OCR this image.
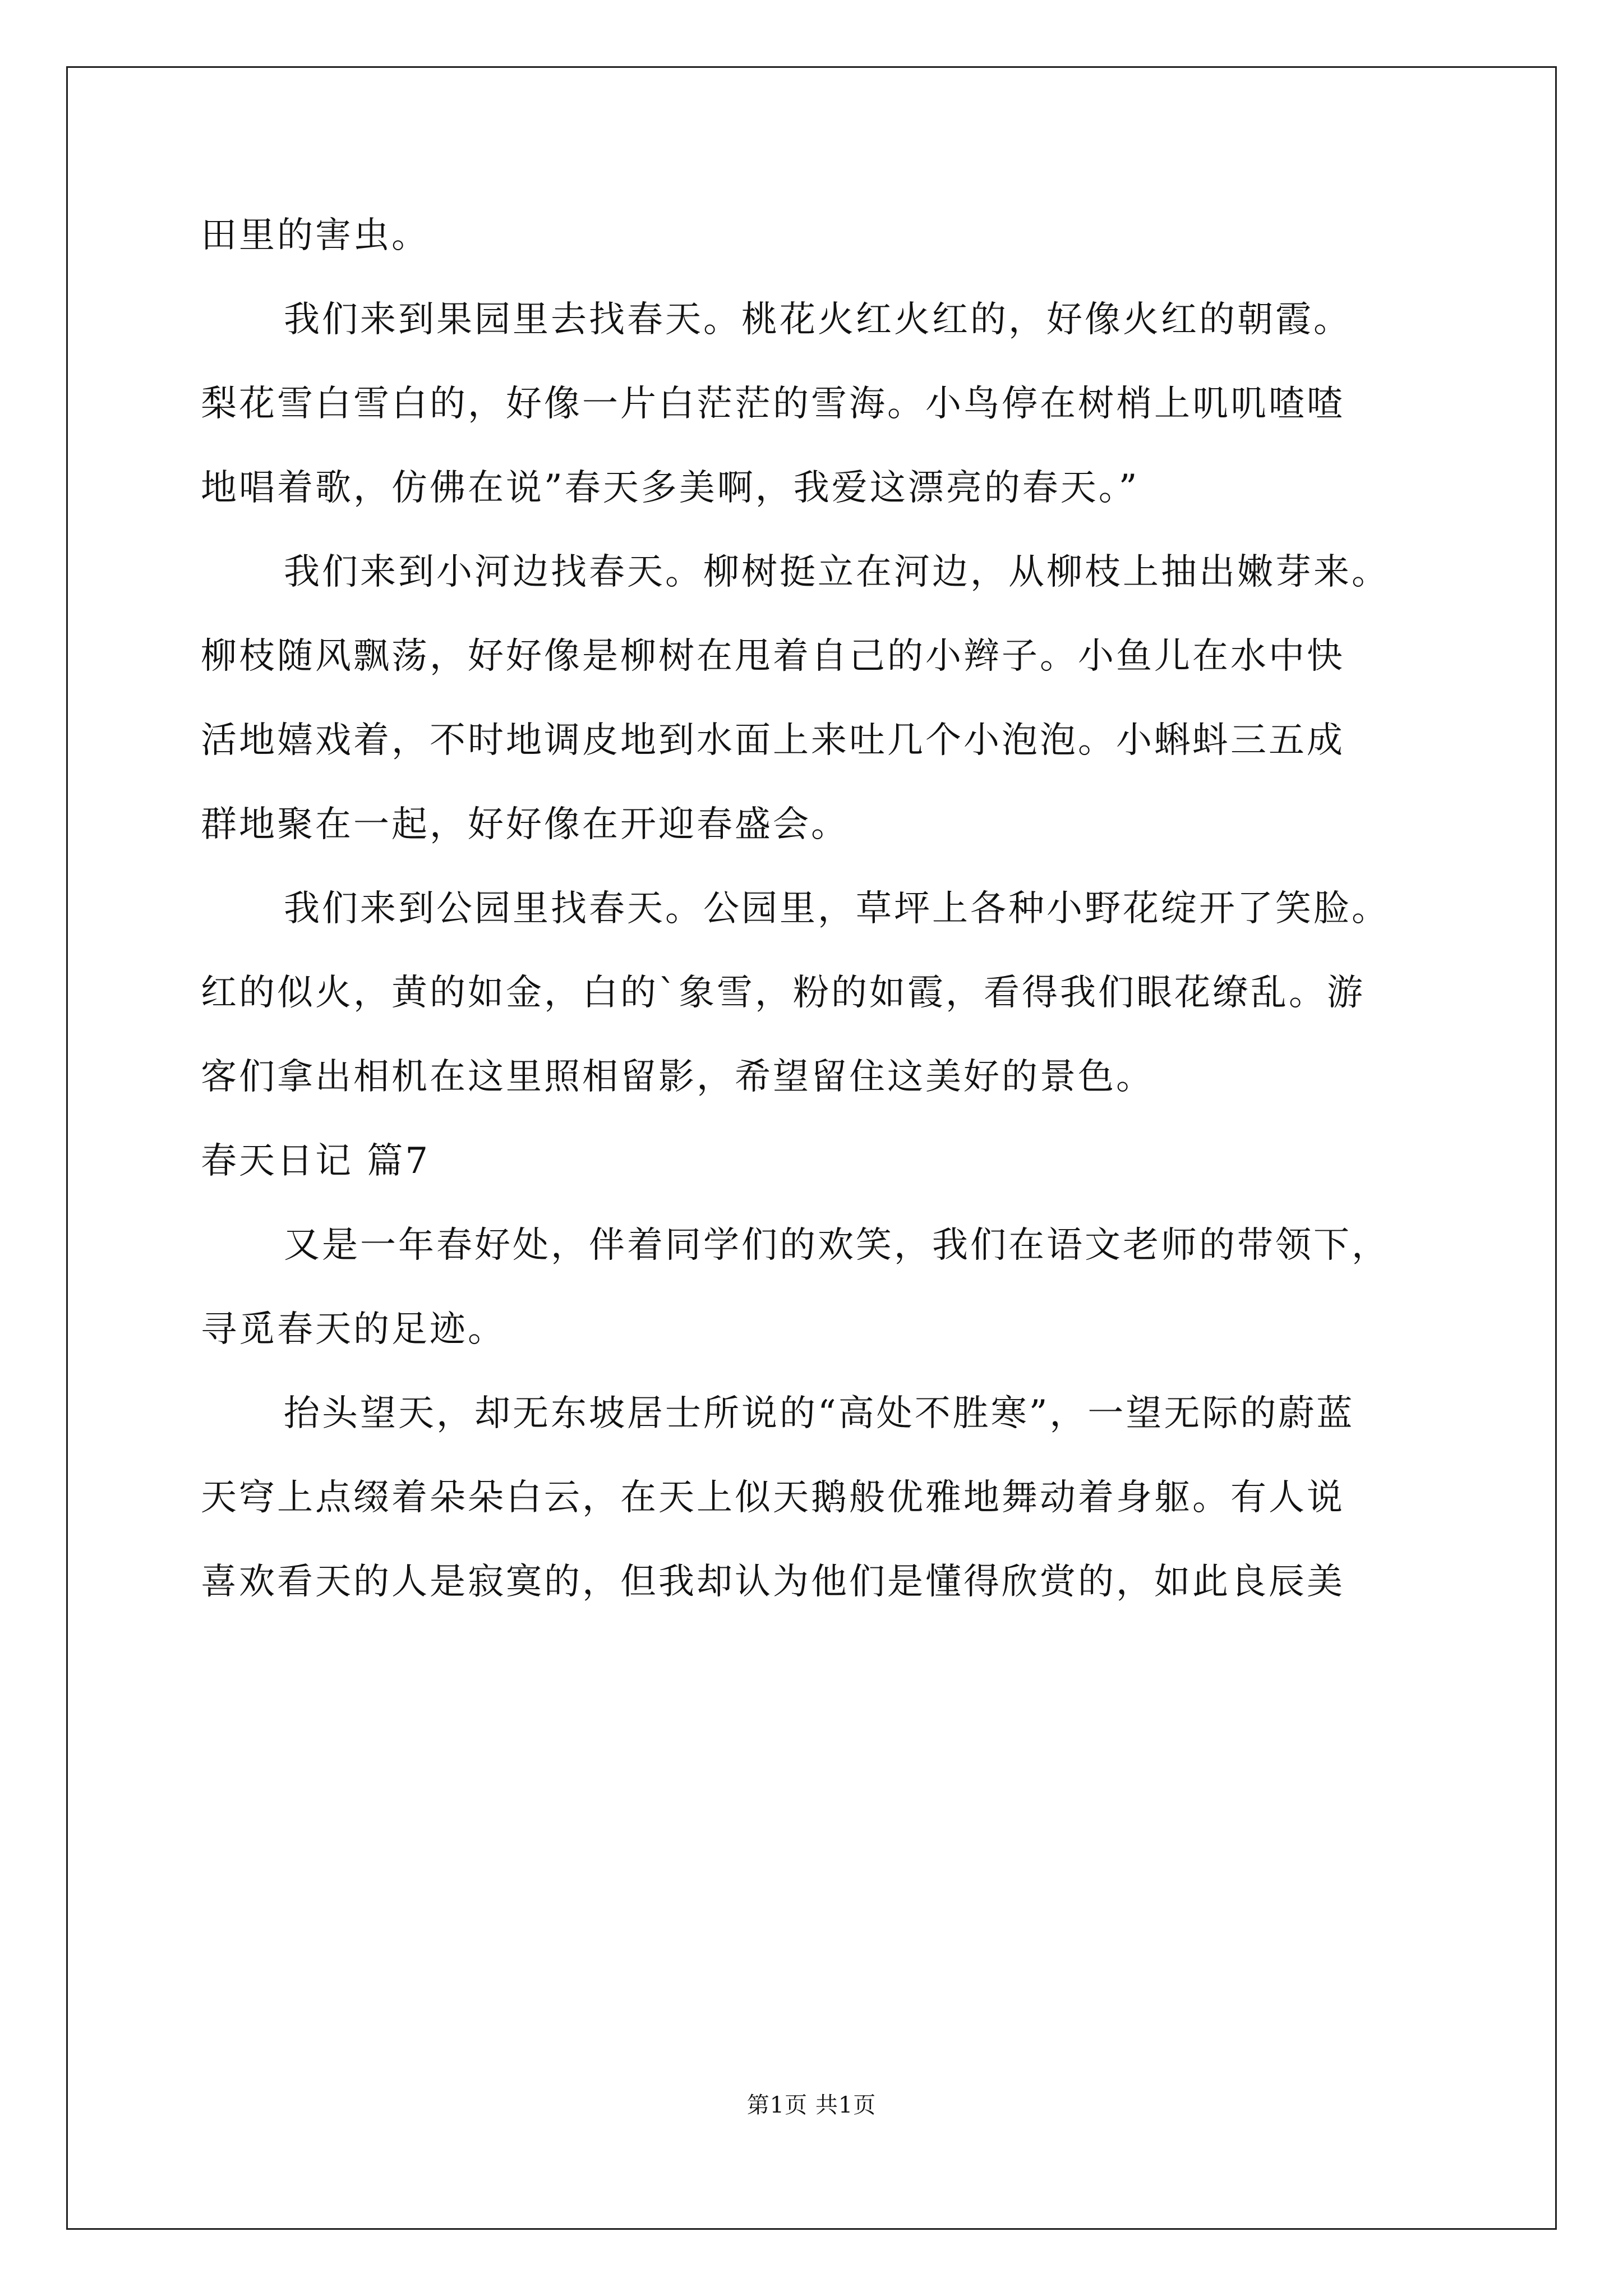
田里的害虫。
我们来到果园里去找春天。桃花火红火红的，好像火红的朝霞。
梨花雪白雪白的，好像一片白茫茫的雪海。小鸟停在树梢上叽叽喳喳
地唱着歌，仿佛在说”春天多美啊，我爱这漂亮的春天。”
我们来到小河边找春天。柳树挺立在河边，从柳枝上抽出嫩芽来。
柳枝随风飘荡，好好像是柳树在甩着自己的小辫子。小鱼儿在水中快
活地嬉戏着，不时地调皮地到水面上来吐几个小泡泡。小蝌蚪三五成
群地聚在一起，好好像在开迎春盛会。
我们来到公园里找春天。公园里，草坪上各种小野花绽开了笑脸。
红的似火，黄的如金，白的`象雪，粉的如霞，看得我们眼花缭乱。游
客们拿出相机在这里照相留影，希望留住这美好的景色。
春天日记 篇7
又是一年春好处，伴着同学们的欢笑，我们在语文老师的带领下，
寻觅春天的足迹。
抬头望天，却无东坡居士所说的“高处不胜寒”，一望无际的蔚蓝
天穹上点缀着朵朵白云，在天上似天鹅般优雅地舞动着身躯。有人说
喜欢看天的人是寂寞的，但我却认为他们是懂得欣赏的，如此良辰美
第1页 共1页
